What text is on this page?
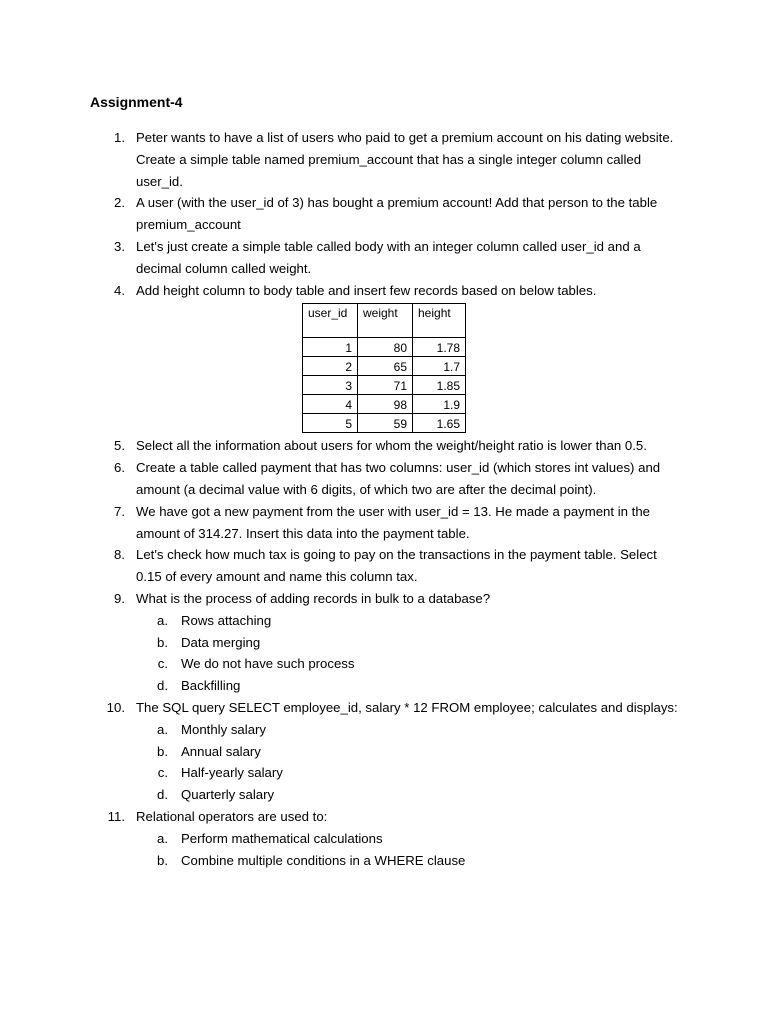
Assignment-4
1. Peter wants to have a list of users who paid to get a premium account on his dating website. Create a simple table named premium_account that has a single integer column called user_id.
2. A user (with the user_id of 3) has bought a premium account! Add that person to the table premium_account
3. Let's just create a simple table called body with an integer column called user_id and a decimal column called weight.
4. Add height column to body table and insert few records based on below tables.
user_id	weight	height
1	80	1.78
2	65	1.7
3	71	1.85
4	98	1.9
5	59	1.65
5. Select all the information about users for whom the weight/height ratio is lower than 0.5.
6. Create a table called payment that has two columns: user_id (which stores int values) and amount (a decimal value with 6 digits, of which two are after the decimal point).
7. We have got a new payment from the user with user_id = 13. He made a payment in the amount of 314.27. Insert this data into the payment table.
8. Let's check how much tax is going to pay on the transactions in the payment table. Select 0.15 of every amount and name this column tax.
9. What is the process of adding records in bulk to a database?
a. Rows attaching
b. Data merging
c. We do not have such process
d. Backfilling
10. The SQL query SELECT employee_id, salary * 12 FROM employee; calculates and displays:
a. Monthly salary
b. Annual salary
c. Half-yearly salary
d. Quarterly salary
11. Relational operators are used to:
a. Perform mathematical calculations
b. Combine multiple conditions in a WHERE clause
